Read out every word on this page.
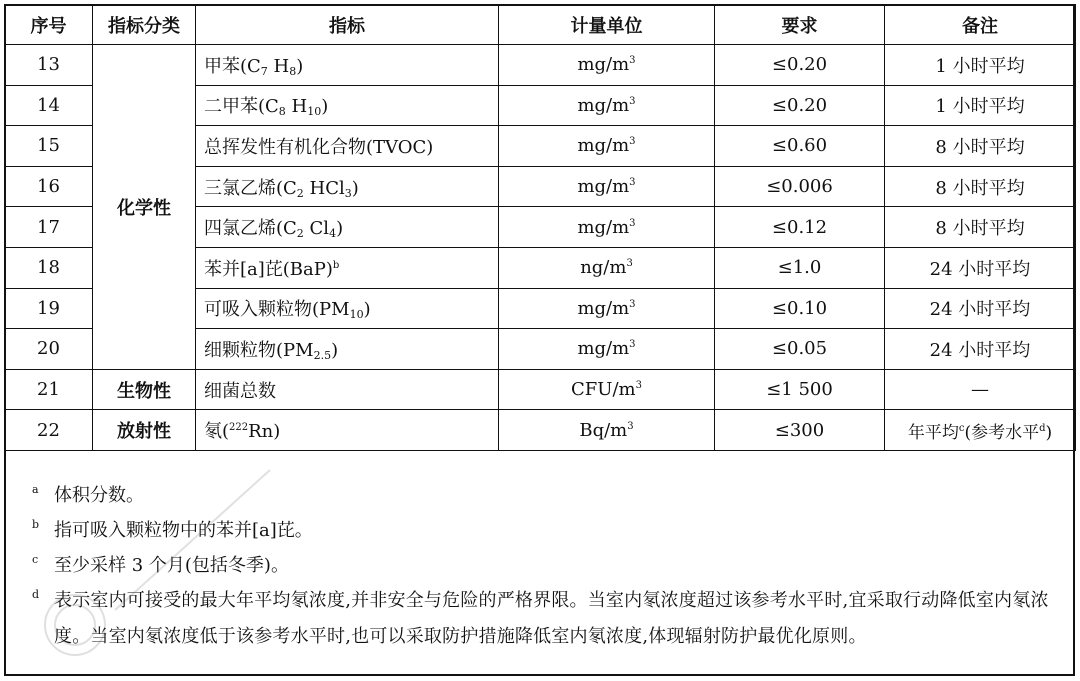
序号	指标分类	指标	计量单位	要求	备注
13	化学性	甲苯($C_7$ $H_8$)	$mg/m^3$	≤0.20	1 小时平均
14		二甲苯($C_8$ $H_{10}$)	$mg/m^3$	≤0.20	1 小时平均
15		总挥发性有机化合物(TVOC)	$mg/m^3$	≤0.60	8 小时平均
16		三氯乙烯($C_2$ HCl$_3$)	$mg/m^3$	≤0.006	8 小时平均
17		四氯乙烯($C_2$ $Cl_4$)	$mg/m^3$	≤0.12	8 小时平均
18		苯并[a]芘(BaP)$^b$	$ng/m^3$	≤1.0	24 小时平均
19		可吸入颗粒物$(PM_{10})$	$mg/m^3$	≤0.10	24 小时平均
20		细颗粒物$(PM_{2.5})$	$mg/m^3$	≤0.05	24 小时平均
21	生物性	细菌总数	CFU/$m^3$	≤1 500	—
22	放射性	氡($^{222}$Rn)	$Bq/m^3$	≤300	年平均$^c$(参考水平$^d$)
a 体积分数。
b 指可吸入颗粒物中的苯并[a]芘。
c 至少采样 3 个月(包括冬季)。
d 表示室内可接受的最大年平均氡浓度,并非安全与危险的严格界限。当室内氡浓度超过该参考水平时,宜采取行动降低室内氡浓度。当室内氡浓度低于该参考水平时,也可以采取防护措施降低室内氡浓度,体现辐射防护最优化原则。
